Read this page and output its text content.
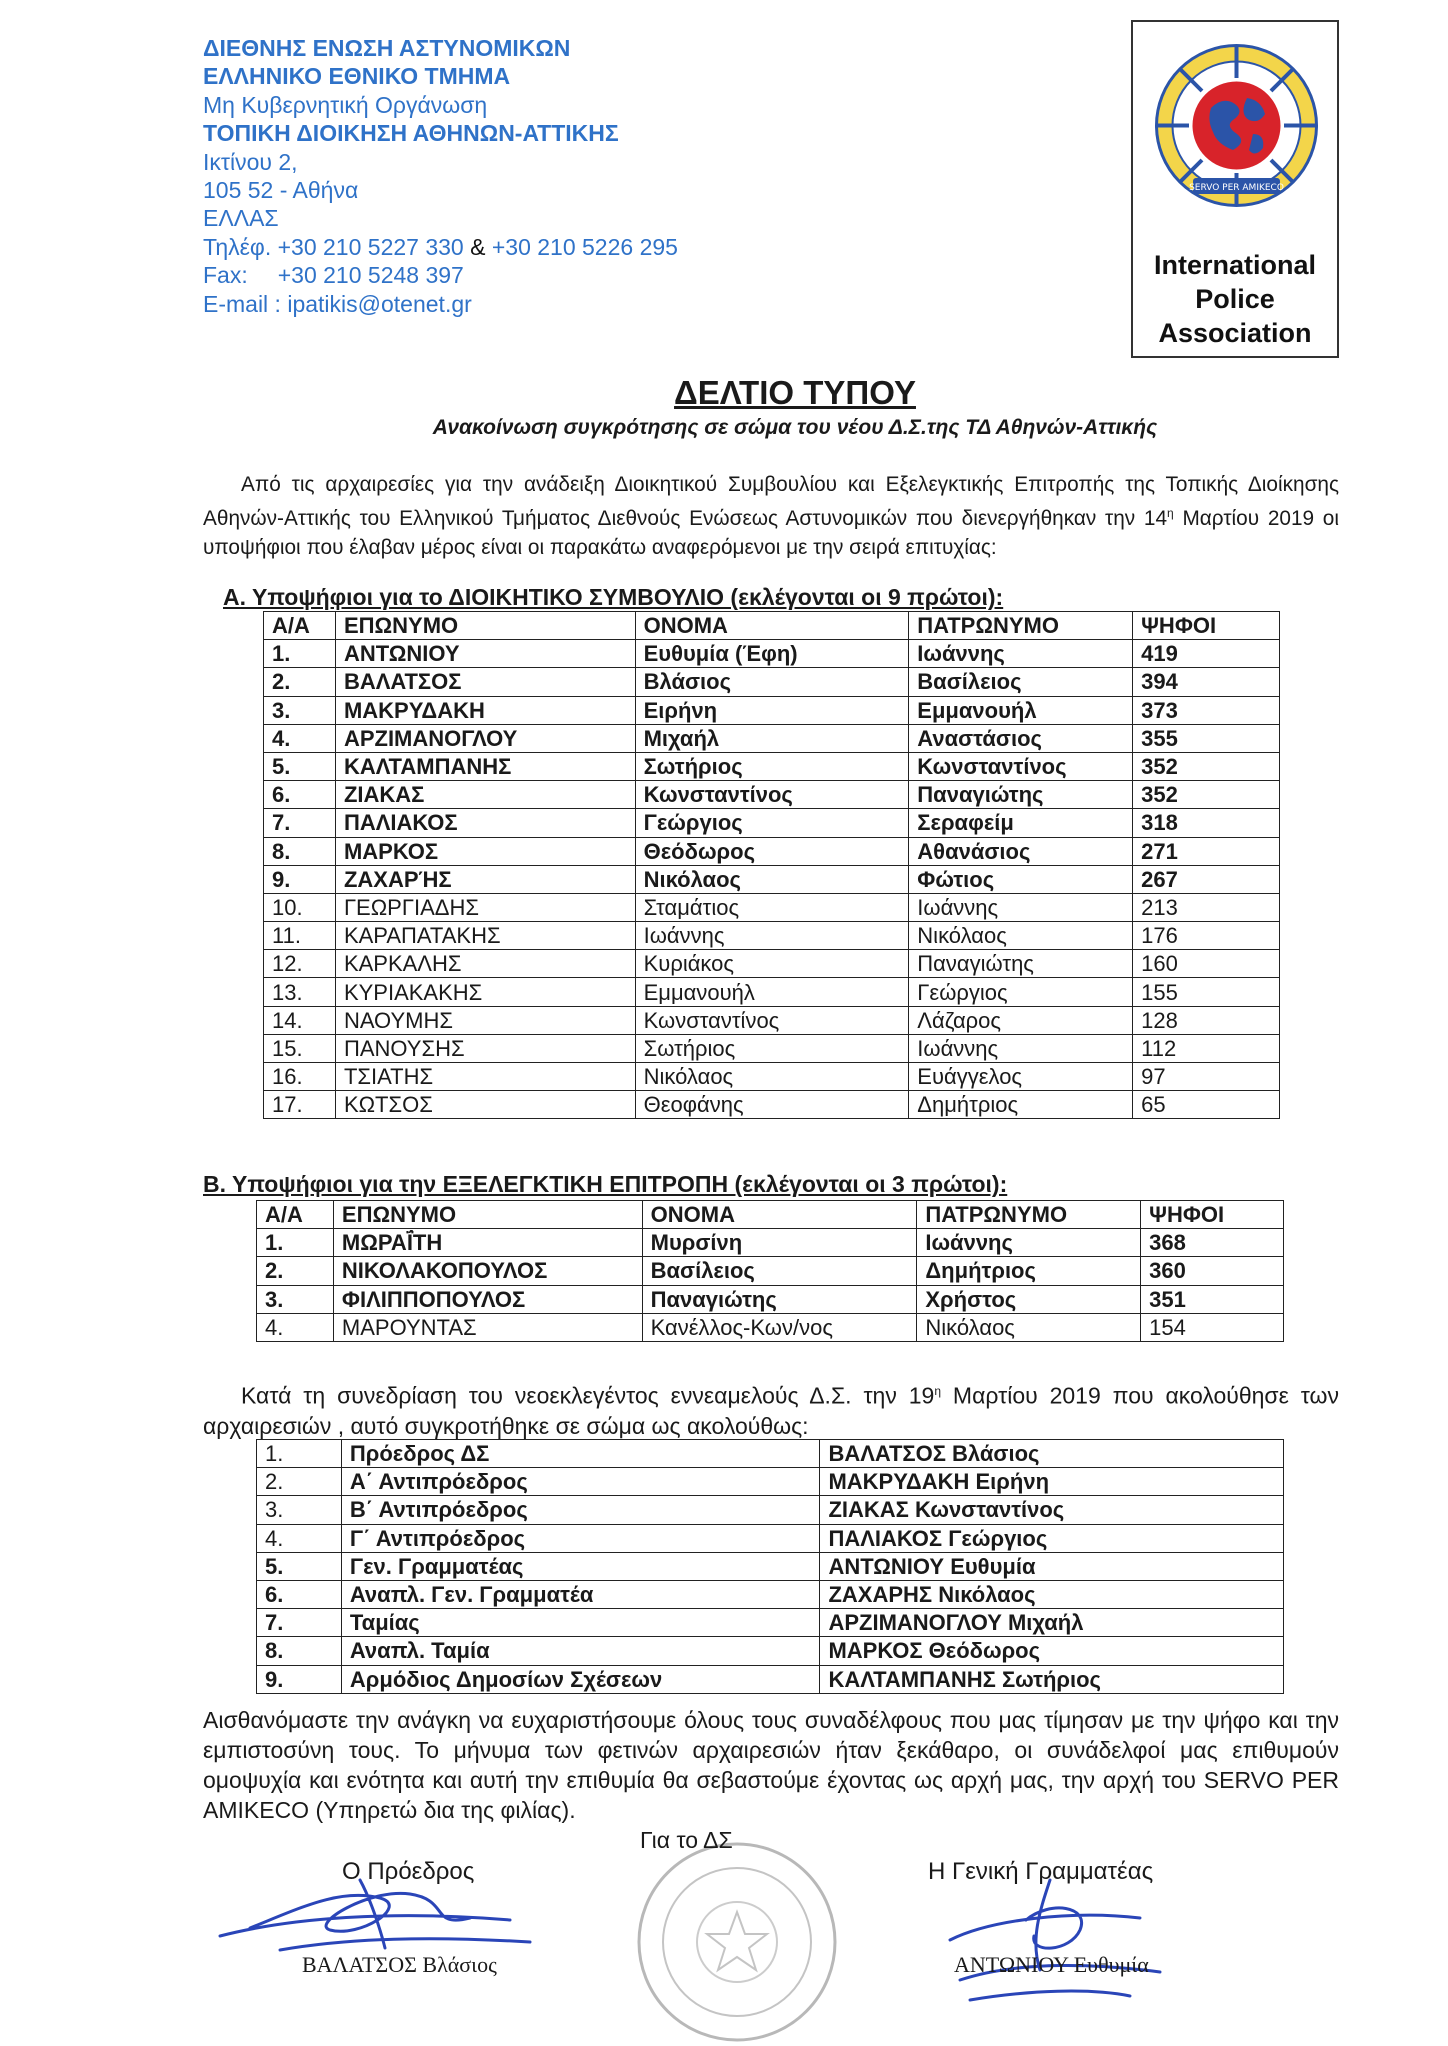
ΔΙΕΘΝΗΣ ΕΝΩΣΗ ΑΣΤΥΝΟΜΙΚΩΝ
ΕΛΛΗΝΙΚΟ ΕΘΝΙΚΟ ΤΜΗΜΑ
Μη Κυβερνητική Οργάνωση
ΤΟΠΙΚΗ ΔΙΟΙΚΗΣΗ ΑΘΗΝΩΝ-ΑΤΤΙΚΗΣ
Ικτίνου 2,
105 52 - Αθήνα
ΕΛΛΑΣ
Τηλέφ. +30 210 5227 330 & +30 210 5226 295
Fax: +30 210 5248 397
E-mail : ipatikis@otenet.gr
SERVO PER AMIKECO
International
Police
Association
ΔΕΛΤΙΟ ΤΥΠΟΥ
Ανακοίνωση συγκρότησης σε σώμα του νέου Δ.Σ.της ΤΔ Αθηνών-Αττικής
Από τις αρχαιρεσίες για την ανάδειξη Διοικητικού Συμβουλίου και Εξελεγκτικής Επιτροπής της Τοπικής Διοίκησης Αθηνών-Αττικής του Ελληνικού Τμήματος Διεθνούς Ενώσεως Αστυνομικών που διενεργήθηκαν την $14^\eta$ Μαρτίου 2019 οι υποψήφιοι που έλαβαν μέρος είναι οι παρακάτω αναφερόμενοι με την σειρά επιτυχίας:
Α. Υποψήφιοι για το ΔΙΟΙΚΗΤΙΚΟ ΣΥΜΒΟΥΛΙΟ (εκλέγονται οι 9 πρώτοι):
Α/Α	ΕΠΩΝΥΜΟ	ΟΝΟΜΑ	ΠΑΤΡΩΝΥΜΟ	ΨΗΦΟΙ
1.	ΑΝΤΩΝΙΟΥ	Ευθυμία (Έφη)	Ιωάννης	419
2.	ΒΑΛΑΤΣΟΣ	Βλάσιος	Βασίλειος	394
3.	ΜΑΚΡΥΔΑΚΗ	Ειρήνη	Εμμανουήλ	373
4.	ΑΡΖΙΜΑΝΟΓΛΟΥ	Μιχαήλ	Αναστάσιος	355
5.	ΚΑΛΤΑΜΠΑΝΗΣ	Σωτήριος	Κωνσταντίνος	352
6.	ΖΙΑΚΑΣ	Κωνσταντίνος	Παναγιώτης	352
7.	ΠΑΛΙΑΚΟΣ	Γεώργιος	Σεραφείμ	318
8.	ΜΑΡΚΟΣ	Θεόδωρος	Αθανάσιος	271
9.	ΖΑΧΑΡΉΣ	Νικόλαος	Φώτιος	267
10.	ΓΕΩΡΓΙΑΔΗΣ	Σταμάτιος	Ιωάννης	213
11.	ΚΑΡΑΠΑΤΑΚΗΣ	Ιωάννης	Νικόλαος	176
12.	ΚΑΡΚΑΛΗΣ	Κυριάκος	Παναγιώτης	160
13.	ΚΥΡΙΑΚΑΚΗΣ	Εμμανουήλ	Γεώργιος	155
14.	ΝΑΟΥΜΗΣ	Κωνσταντίνος	Λάζαρος	128
15.	ΠΑΝΟΥΣΗΣ	Σωτήριος	Ιωάννης	112
16.	ΤΣΙΑΤΗΣ	Νικόλαος	Ευάγγελος	97
17.	ΚΩΤΣΟΣ	Θεοφάνης	Δημήτριος	65
Β. Υποψήφιοι για την ΕΞΕΛΕΓΚΤΙΚΗ ΕΠΙΤΡΟΠΗ (εκλέγονται οι 3 πρώτοι):
Α/Α	ΕΠΩΝΥΜΟ	ΟΝΟΜΑ	ΠΑΤΡΩΝΥΜΟ	ΨΗΦΟΙ
1.	ΜΩΡΑΪ́ΤΗ	Μυρσίνη	Ιωάννης	368
2.	ΝΙΚΟΛΑΚΟΠΟΥΛΟΣ	Βασίλειος	Δημήτριος	360
3.	ΦΙΛΙΠΠΟΠΟΥΛΟΣ	Παναγιώτης	Χρήστος	351
4.	ΜΑΡΟΥΝΤΑΣ	Κανέλλος-Κων/νος	Νικόλαος	154
Κατά τη συνεδρίαση του νεοεκλεγέντος εννεαμελούς Δ.Σ. την $19^\eta$ Μαρτίου 2019 που ακολούθησε των αρχαιρεσιών , αυτό συγκροτήθηκε σε σώμα ως ακολούθως:
1.	Πρόεδρος ΔΣ	ΒΑΛΑΤΣΟΣ Βλάσιος
2.	Α΄ Αντιπρόεδρος	ΜΑΚΡΥΔΑΚΗ Ειρήνη
3.	Β΄ Αντιπρόεδρος	ΖΙΑΚΑΣ Κωνσταντίνος
4.	Γ΄ Αντιπρόεδρος	ΠΑΛΙΑΚΟΣ Γεώργιος
5.	Γεν. Γραμματέας	ΑΝΤΩΝΙΟΥ Ευθυμία
6.	Αναπλ. Γεν. Γραμματέα	ΖΑΧΑΡΗΣ Νικόλαος
7.	Ταμίας	ΑΡΖΙΜΑΝΟΓΛΟΥ Μιχαήλ
8.	Αναπλ. Ταμία	ΜΑΡΚΟΣ Θεόδωρος
9.	Αρμόδιος Δημοσίων Σχέσεων	ΚΑΛΤΑΜΠΑΝΗΣ Σωτήριος
Αισθανόμαστε την ανάγκη να ευχαριστήσουμε όλους τους συναδέλφους που μας τίμησαν με την ψήφο και την εμπιστοσύνη τους. Το μήνυμα των φετινών αρχαιρεσιών ήταν ξεκάθαρο, οι συνάδελφοί μας επιθυμούν ομοψυχία και ενότητα και αυτή την επιθυμία θα σεβαστούμε έχοντας ως αρχή μας, την αρχή του SERVO PER AMIKECO (Υπηρετώ δια της φιλίας).
Για το ΔΣ
Ο Πρόεδρος	Η Γενική Γραμματέας
ΒΑΛΑΤΣΟΣ Βλάσιος	ΑΝΤΩΝΙΟΥ Ευθυμία
